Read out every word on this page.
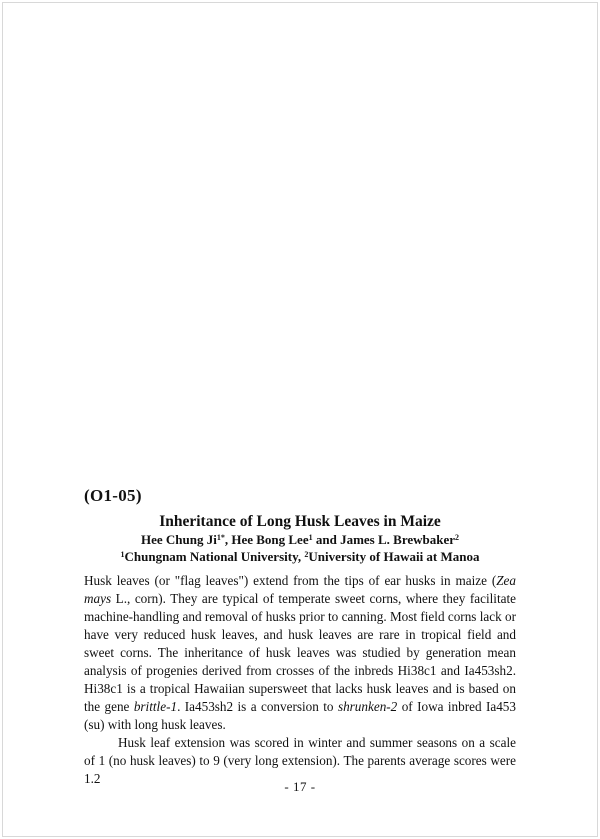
(O1-05)
Inheritance of Long Husk Leaves in Maize
Hee Chung $Ji^{1*}$, Hee Bong Lee$^1$ and James L. Brewbaker$^2$
$^1$Chungnam National University, $^2$University of Hawaii at Manoa

Husk leaves (or "flag leaves") extend from the tips of ear husks in maize (Zea mays L., corn). They are typical of temperate sweet corns, where they facilitate machine-handling and removal of husks prior to canning. Most field corns lack or have very reduced husk leaves, and husk leaves are rare in tropical field and sweet corns. The inheritance of husk leaves was studied by generation mean analysis of progenies derived from crosses of the inbreds Hi38c1 and Ia453sh2. Hi38c1 is a tropical Hawaiian supersweet that lacks husk leaves and is based on the gene brittle-1. Ia453sh2 is a conversion to shrunken-2 of Iowa inbred Ia453 (su) with long husk leaves.

Husk leaf extension was scored in winter and summer seasons on a scale of 1 (no husk leaves) to 9 (very long extension). The parents average scores were 1.2

- 17 -
